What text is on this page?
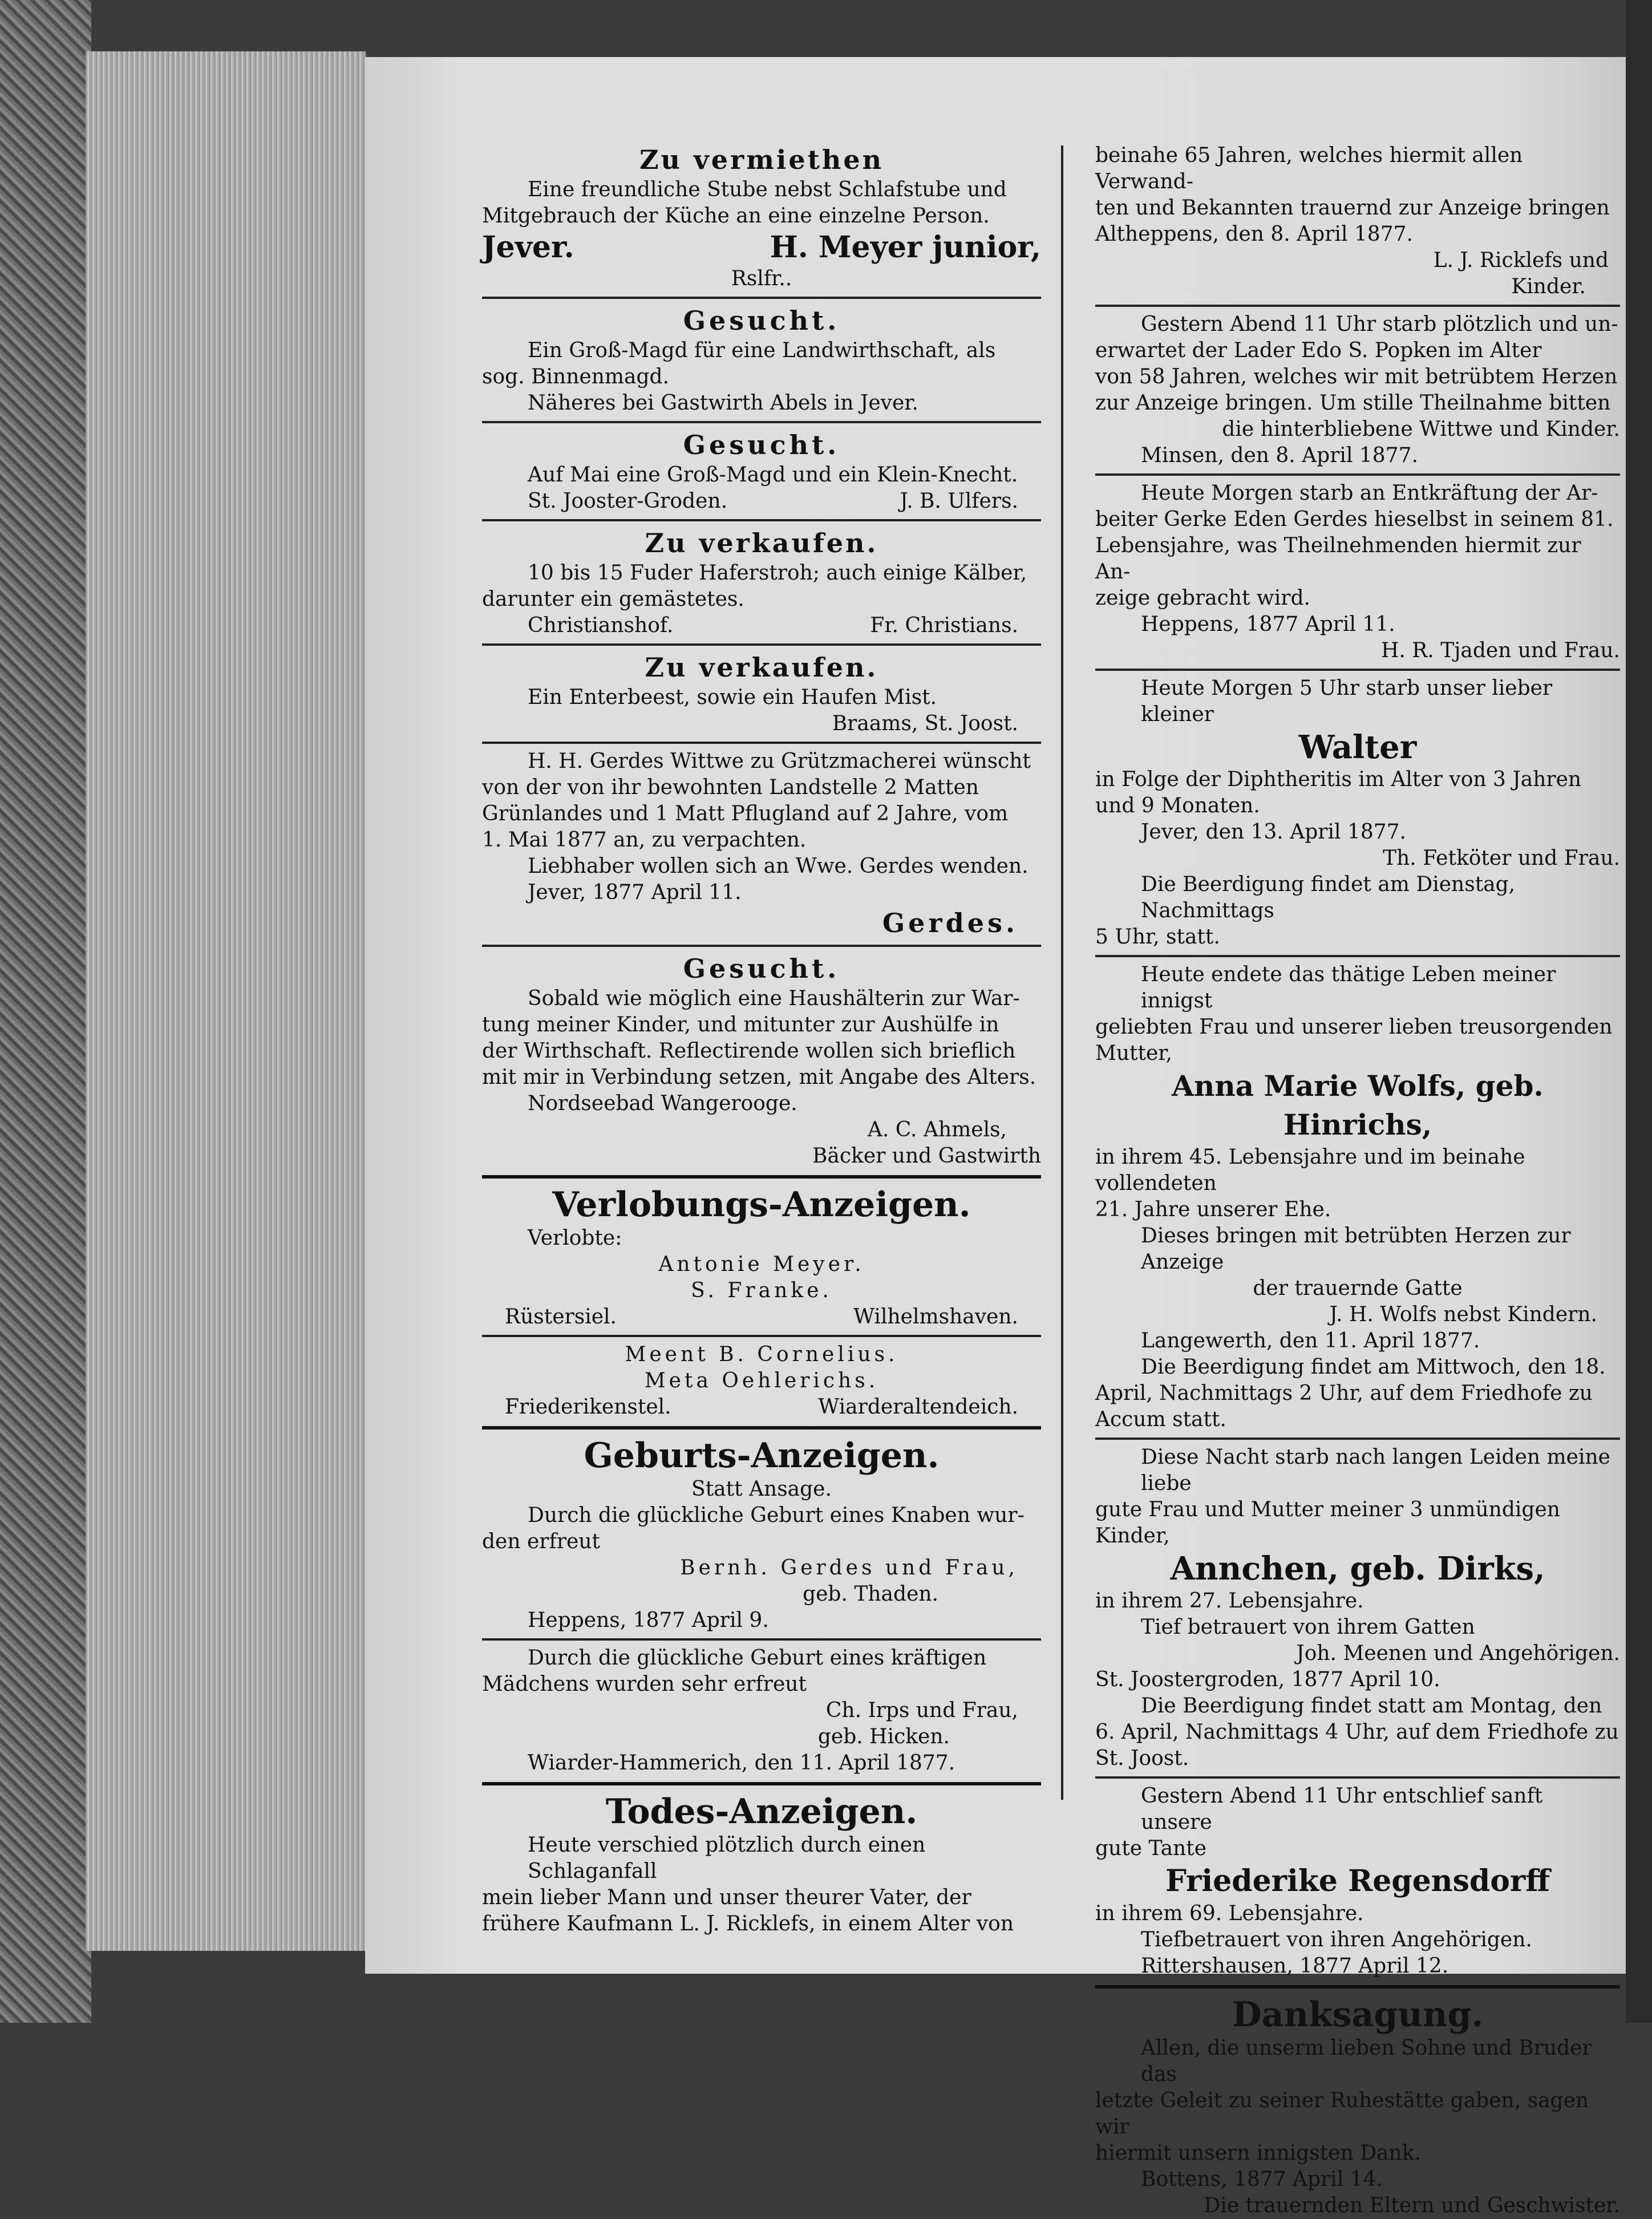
Zu vermiethen

Eine freundliche Stube nebst Schlafstube und

Mitgebrauch der Küche an eine einzelne Person.

Jever.	H. Meyer junior,

Rslfr..

Gesucht.

Ein Groß-Magd für eine Landwirthschaft, als

sog. Binnenmagd.

Näheres bei Gastwirth Abels in Jever.

Gesucht.

Auf Mai eine Groß-Magd und ein Klein-Knecht.

St. Jooster-Groden.	J. B. Ulfers.
Zu verkaufen.

10 bis 15 Fuder Haferstroh; auch einige Kälber,

darunter ein gemästetes.

Christianshof.	Fr. Christians.
Zu verkaufen.

Ein Enterbeest, sowie ein Haufen Mist.

Braams, St. Joost.

H. H. Gerdes Wittwe zu Grützmacherei wünscht

von der von ihr bewohnten Landstelle 2 Matten

Grünlandes und 1 Matt Pflugland auf 2 Jahre, vom

1. Mai 1877 an, zu verpachten.

Liebhaber wollen sich an Wwe. Gerdes wenden.

Jever, 1877 April 11.

Gerdes.

Gesucht.

Sobald wie möglich eine Haushälterin zur War-

tung meiner Kinder, und mitunter zur Aushülfe in

der Wirthschaft. Reflectirende wollen sich brieflich

mit mir in Verbindung setzen, mit Angabe des Alters.

Nordseebad Wangerooge.

A. C. Ahmels,

Bäcker und Gastwirth

Verlobungs-Anzeigen.

Verlobte:

Antonie Meyer.

S. Franke.

Rüstersiel.	Wilhelmshaven.

Meent B. Cornelius.

Meta Oehlerichs.

Friederikenstel.	Wiarderaltendeich.
Geburts-Anzeigen.

Statt Ansage.

Durch die glückliche Geburt eines Knaben wur-

den erfreut

Bernh. Gerdes und Frau,

geb. Thaden.

Heppens, 1877 April 9.

Durch die glückliche Geburt eines kräftigen

Mädchens wurden sehr erfreut

Ch. Irps und Frau,

geb. Hicken.

Wiarder-Hammerich, den 11. April 1877.

Todes-Anzeigen.

Heute verschied plötzlich durch einen Schlaganfall

mein lieber Mann und unser theurer Vater, der

frühere Kaufmann L. J. Ricklefs, in einem Alter von

beinahe 65 Jahren, welches hiermit allen Verwand-

ten und Bekannten trauernd zur Anzeige bringen

Altheppens, den 8. April 1877.

L. J. Ricklefs und

Kinder.

Gestern Abend 11 Uhr starb plötzlich und un-

erwartet der Lader Edo S. Popken im Alter

von 58 Jahren, welches wir mit betrübtem Herzen

zur Anzeige bringen. Um stille Theilnahme bitten

die hinterbliebene Wittwe und Kinder.

Minsen, den 8. April 1877.

Heute Morgen starb an Entkräftung der Ar-

beiter Gerke Eden Gerdes hieselbst in seinem 81.

Lebensjahre, was Theilnehmenden hiermit zur An-

zeige gebracht wird.

Heppens, 1877 April 11.

H. R. Tjaden und Frau.

Heute Morgen 5 Uhr starb unser lieber kleiner

Walter

in Folge der Diphtheritis im Alter von 3 Jahren

und 9 Monaten.

Jever, den 13. April 1877.

Th. Fetköter und Frau.

Die Beerdigung findet am Dienstag, Nachmittags

5 Uhr, statt.

Heute endete das thätige Leben meiner innigst

geliebten Frau und unserer lieben treusorgenden

Mutter,

Anna Marie Wolfs, geb. Hinrichs,

in ihrem 45. Lebensjahre und im beinahe vollendeten

21. Jahre unserer Ehe.

Dieses bringen mit betrübten Herzen zur Anzeige

der trauernde Gatte

J. H. Wolfs nebst Kindern.

Langewerth, den 11. April 1877.

Die Beerdigung findet am Mittwoch, den 18.

April, Nachmittags 2 Uhr, auf dem Friedhofe zu

Accum statt.

Diese Nacht starb nach langen Leiden meine liebe

gute Frau und Mutter meiner 3 unmündigen Kinder,

Annchen, geb. Dirks,

in ihrem 27. Lebensjahre.

Tief betrauert von ihrem Gatten

Joh. Meenen und Angehörigen.

St. Joostergroden, 1877 April 10.

Die Beerdigung findet statt am Montag, den

6. April, Nachmittags 4 Uhr, auf dem Friedhofe zu

St. Joost.

Gestern Abend 11 Uhr entschlief sanft unsere

gute Tante

Friederike Regensdorff

in ihrem 69. Lebensjahre.

Tiefbetrauert von ihren Angehörigen.

Rittershausen, 1877 April 12.

Danksagung.

Allen, die unserm lieben Sohne und Bruder das

letzte Geleit zu seiner Ruhestätte gaben, sagen wir

hiermit unsern innigsten Dank.

Bottens, 1877 April 14.

Die trauernden Eltern und Geschwister.
